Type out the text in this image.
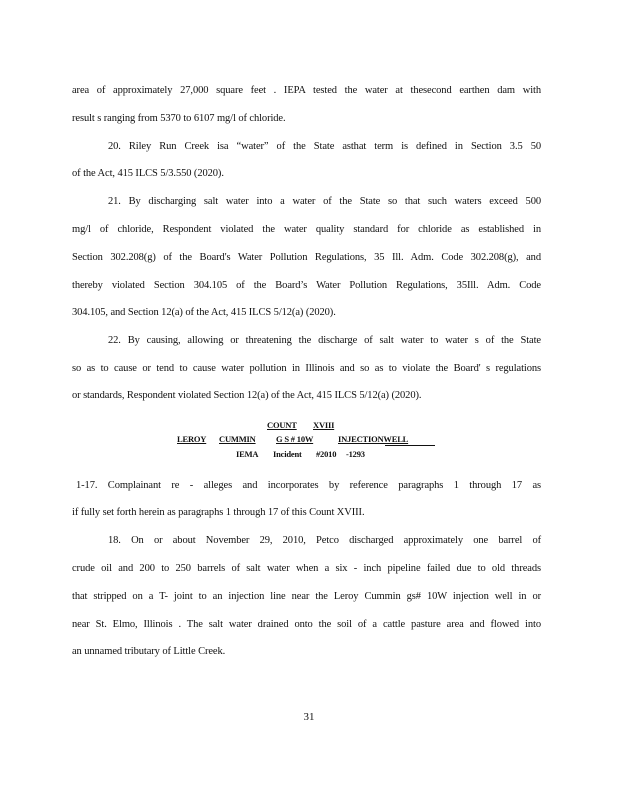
area of approximately 27,000 square feet . IEPA tested the water at thesecond earthen dam with
result s ranging from 5370 to 6107 mg/l of chloride.
20. Riley Run Creek isa “water” of the State asthat term is defined in Section 3.5 50
of the Act, 415 ILCS 5/3.550 (2020).
21. By discharging salt water into a water of the State so that such waters exceed 500
mg/l of chloride, Respondent violated the water quality standard for chloride as established in
Section 302.208(g) of the Board's Water Pollution Regulations, 35 Ill. Adm. Code 302.208(g), and
thereby violated Section 304.105 of the Board’s Water Pollution Regulations, 35Ill. Adm. Code
304.105, and Section 12(a) of the Act, 415 ILCS 5/12(a) (2020).
22. By causing, allowing or threatening the discharge of salt water to water s of the State
so as to cause or tend to cause water pollution in Illinois and so as to violate the Board' s regulations
or standards, Respondent violated Section 12(a) of the Act, 415 ILCS 5/12(a) (2020).
COUNT XVIII
LEROY CUMMIN G S # 10W	INJECTIONWELL
IEMA Incident #2010 -1293
1-17. Complainant re - alleges and incorporates by reference paragraphs 1 through 17 as
if fully set forth herein as paragraphs 1 through 17 of this Count XVIII.
18. On or about November 29, 2010, Petco discharged approximately one barrel of
crude oil and 200 to 250 barrels of salt water when a six - inch pipeline failed due to old threads
that stripped on a T- joint to an injection line near the Leroy Cummin gs# 10W injection well in or
near St. Elmo, Illinois . The salt water drained onto the soil of a cattle pasture area and flowed into
an unnamed tributary of Little Creek.
31
